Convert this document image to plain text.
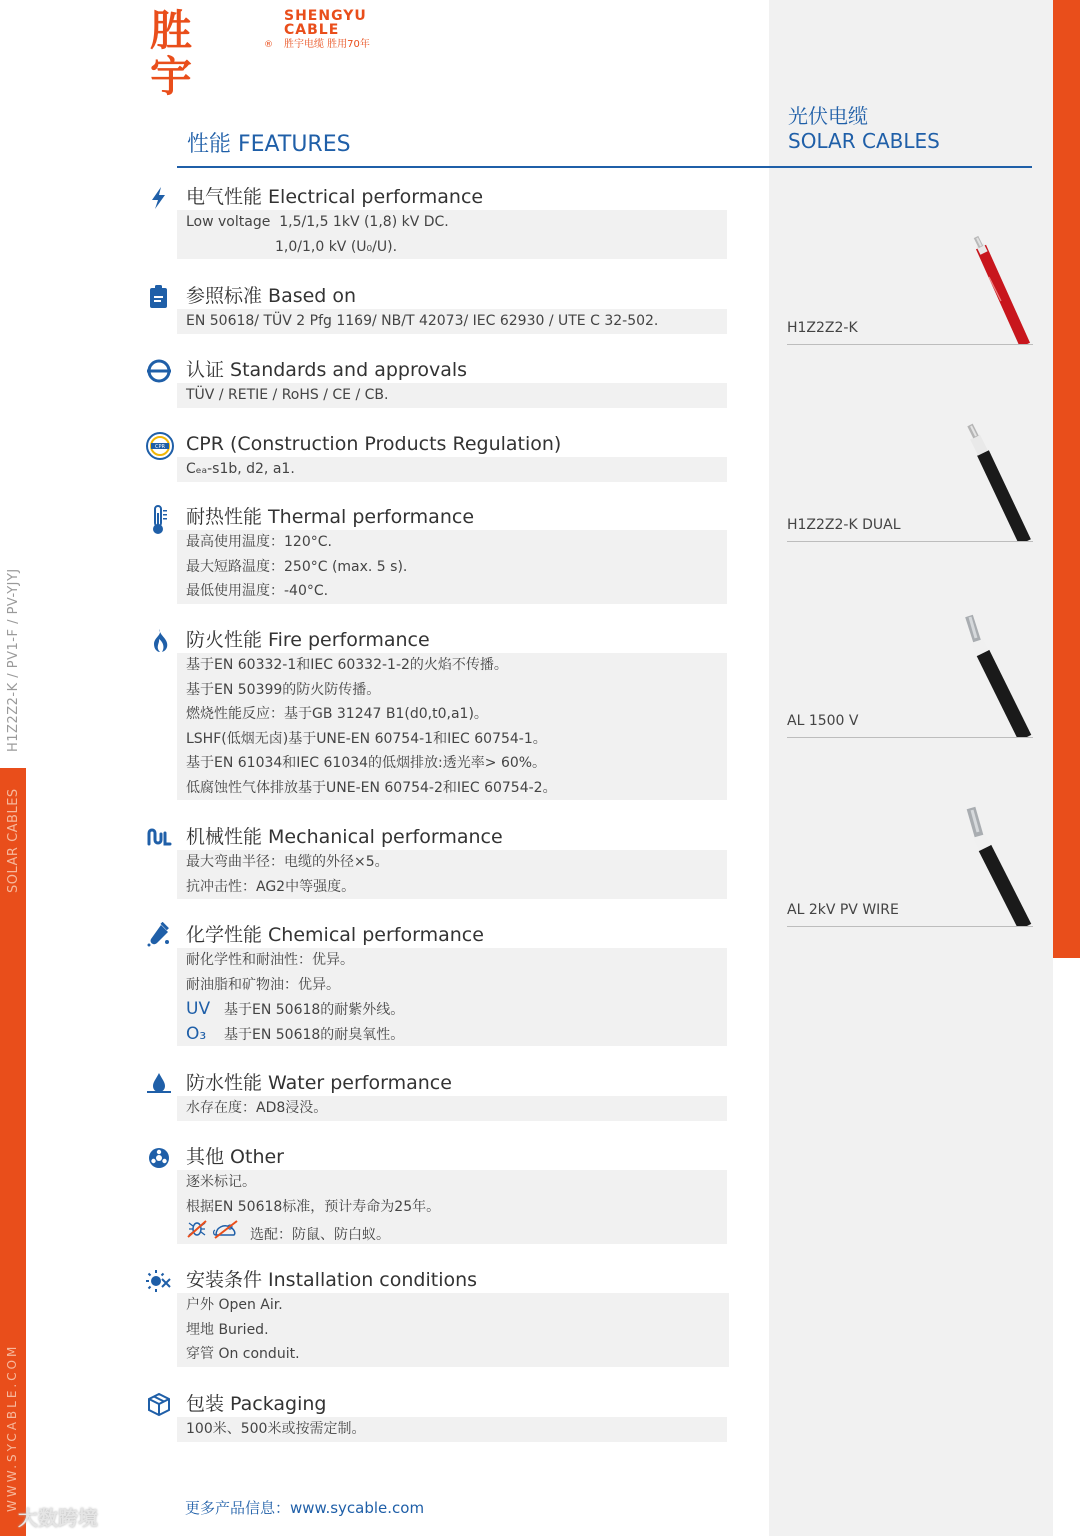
H1Z2Z2-K / PV1-F / PV-YJYJ
SOLAR CABLES
WWW.SYCABLE.COM
胜宇
®
SHENGYU
CABLE
胜宇电缆 胜用70年
性能 FEATURES
光伏电缆
SOLAR CABLES
电气性能 Electrical performance
Low voltage  1,5/1,5 1kV (1,8) kV DC.
1,0/1,0 kV (U₀/U).
参照标准 Based on
EN 50618/ TÜV 2 Pfg 1169/ NB/T 42073/ IEC 62930 / UTE C 32-502.
认证 Standards and approvals
TÜV / RETIE / RoHS / CE / CB.
CPR CPR (Construction Products Regulation)
Cₑₐ-s1b, d2, a1.
耐热性能 Thermal performance
最高使用温度：120°C.
最大短路温度：250°C (max. 5 s).
最低使用温度：-40°C.
防火性能 Fire performance
基于EN 60332-1和IEC 60332-1-2的火焰不传播。
基于EN 50399的防火防传播。
燃烧性能反应：基于GB 31247 B1(d0,t0,a1)。
LSHF(低烟无卤)基于UNE-EN 60754-1和IEC 60754-1。
基于EN 61034和IEC 61034的低烟排放:透光率> 60%。
低腐蚀性气体排放基于UNE-EN 60754-2和IEC 60754-2。
机械性能 Mechanical performance
最大弯曲半径：电缆的外径×5。
抗冲击性：AG2中等强度。
化学性能 Chemical performance
耐化学性和耐油性：优异。
耐油脂和矿物油：优异。
UV 基于EN 50618的耐紫外线。
O₃ 基于EN 50618的耐臭氧性。
防水性能 Water performance
水存在度：AD8浸没。
其他 Other
逐米标记。
根据EN 50618标准，预计寿命为25年。
选配：防鼠、防白蚁。
安装条件 Installation conditions
户外 Open Air.
埋地 Buried.
穿管 On conduit.
包装 Packaging
100米、500米或按需定制。
H1Z2Z2-K
H1Z2Z2-K DUAL
AL 1500 V
AL 2kV PV WIRE
更多产品信息：www.sycable.com
大数跨境
